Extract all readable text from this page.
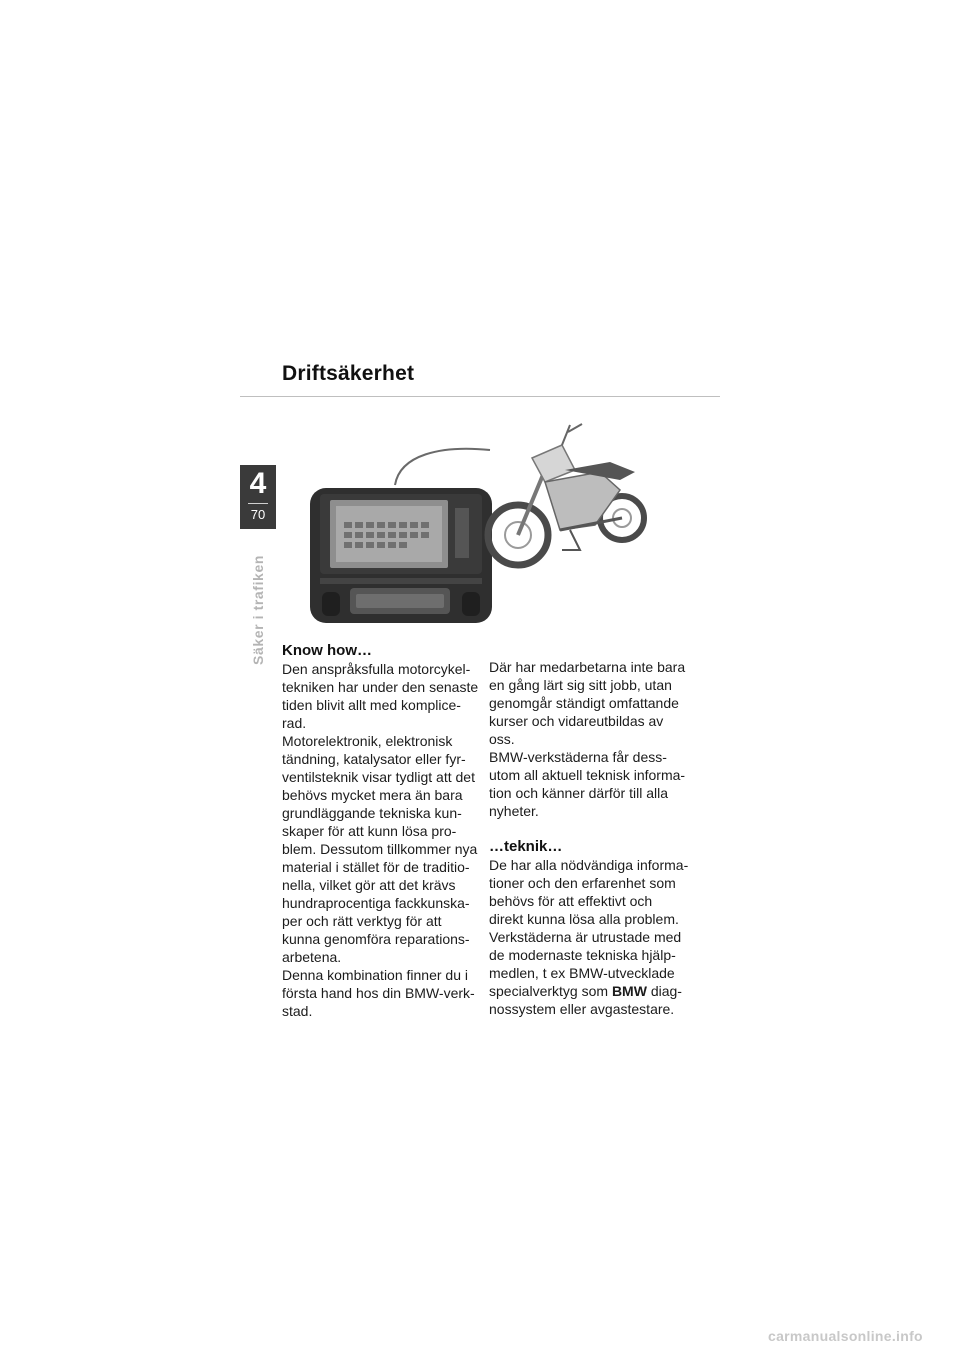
Driftsäkerhet
4
70
Säker i trafiken Know how…

Den anspråksfulla motorcykel-

tekniken har under den senaste

tiden blivit allt med komplice-

rad.

Motorelektronik, elektronisk

tändning, katalysator eller fyr-

ventilsteknik visar tydligt att det

behövs mycket mera än bara

grundläggande tekniska kun-

skaper för att kunn lösa pro-

blem. Dessutom tillkommer nya

material i stället för de traditio-

nella, vilket gör att det krävs

hundraprocentiga fackkunska-

per och rätt verktyg för att

kunna genomföra reparations-

arbetena.

Denna kombination finner du i

första hand hos din BMW-verk-

stad.

Där har medarbetarna inte bara

en gång lärt sig sitt jobb, utan

genomgår ständigt omfattande

kurser och vidareutbildas av

oss.

BMW-verkstäderna får dess-

utom all aktuell teknisk informa-

tion och känner därför till alla

nyheter.

…teknik…

De har alla nödvändiga informa-

tioner och den erfarenhet som

behövs för att effektivt och

direkt kunna lösa alla problem.

Verkstäderna är utrustade med

de modernaste tekniska hjälp-

medlen, t ex BMW-utvecklade

specialverktyg som BMW diag-

nossystem eller avgastestare.

carmanualsonline.info
